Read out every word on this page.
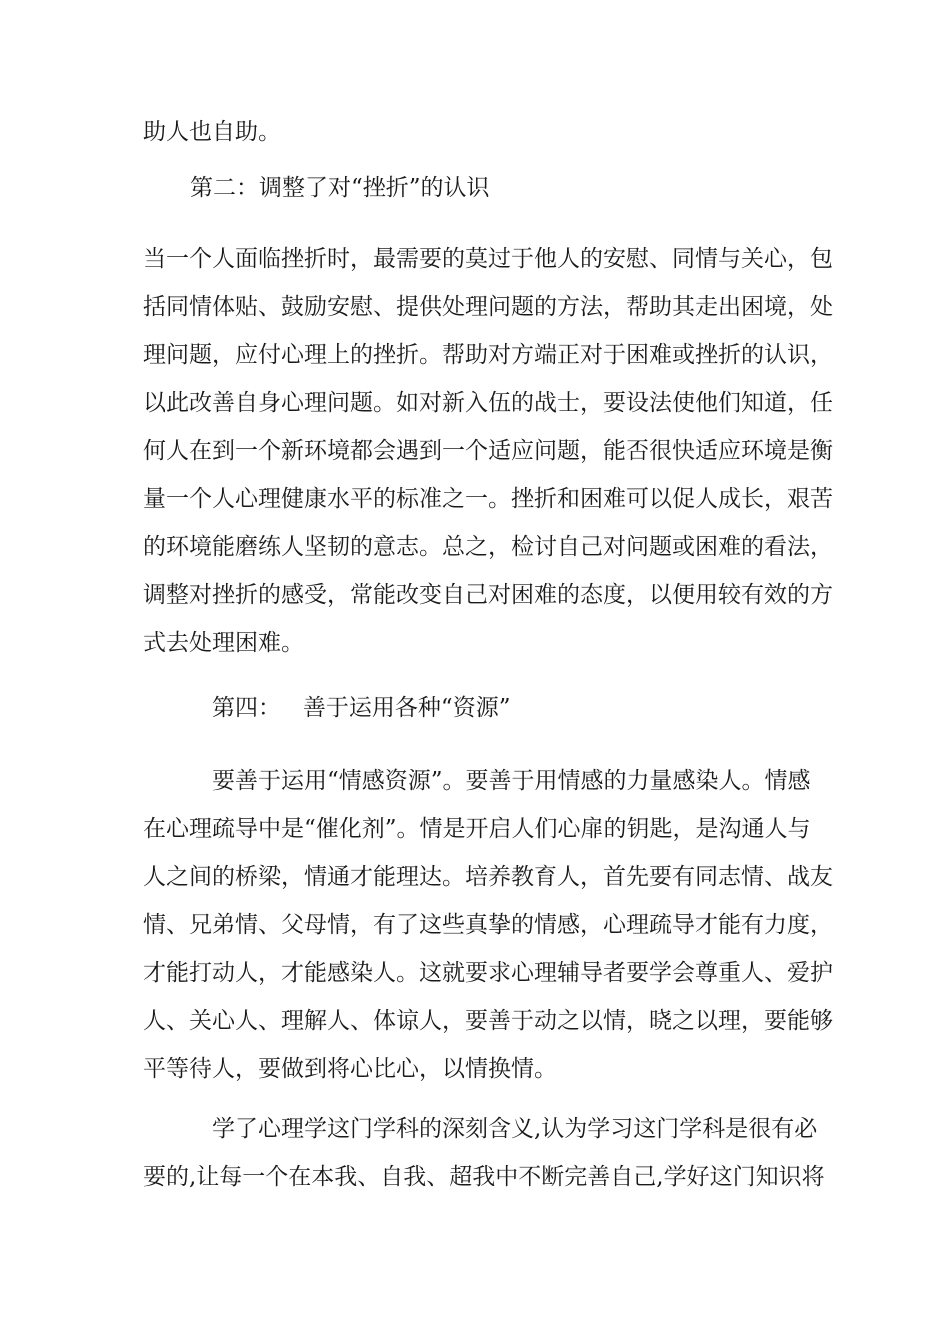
助人也自助。
第二：调整了对“挫折”的认识
当一个人面临挫折时，最需要的莫过于他人的安慰、同情与关心，包
括同情体贴、鼓励安慰、提供处理问题的方法，帮助其走出困境，处
理问题，应付心理上的挫折。帮助对方端正对于困难或挫折的认识，
以此改善自身心理问题。如对新入伍的战士，要设法使他们知道，任
何人在到一个新环境都会遇到一个适应问题，能否很快适应环境是衡
量一个人心理健康水平的标准之一。挫折和困难可以促人成长，艰苦
的环境能磨练人坚韧的意志。总之，检讨自己对问题或困难的看法，
调整对挫折的感受，常能改变自己对困难的态度，以便用较有效的方
式去处理困难。
第四：   善于运用各种“资源”
要善于运用“情感资源”。要善于用情感的力量感染人。情感
在心理疏导中是“催化剂”。情是开启人们心扉的钥匙，是沟通人与
人之间的桥梁，情通才能理达。培养教育人，首先要有同志情、战友
情、兄弟情、父母情，有了这些真挚的情感，心理疏导才能有力度，
才能打动人，才能感染人。这就要求心理辅导者要学会尊重人、爱护
人、关心人、理解人、体谅人，要善于动之以情，晓之以理，要能够
平等待人，要做到将心比心，以情换情。
学了心理学这门学科的深刻含义,认为学习这门学科是很有必
要的,让每一个在本我、自我、超我中不断完善自己,学好这门知识将
